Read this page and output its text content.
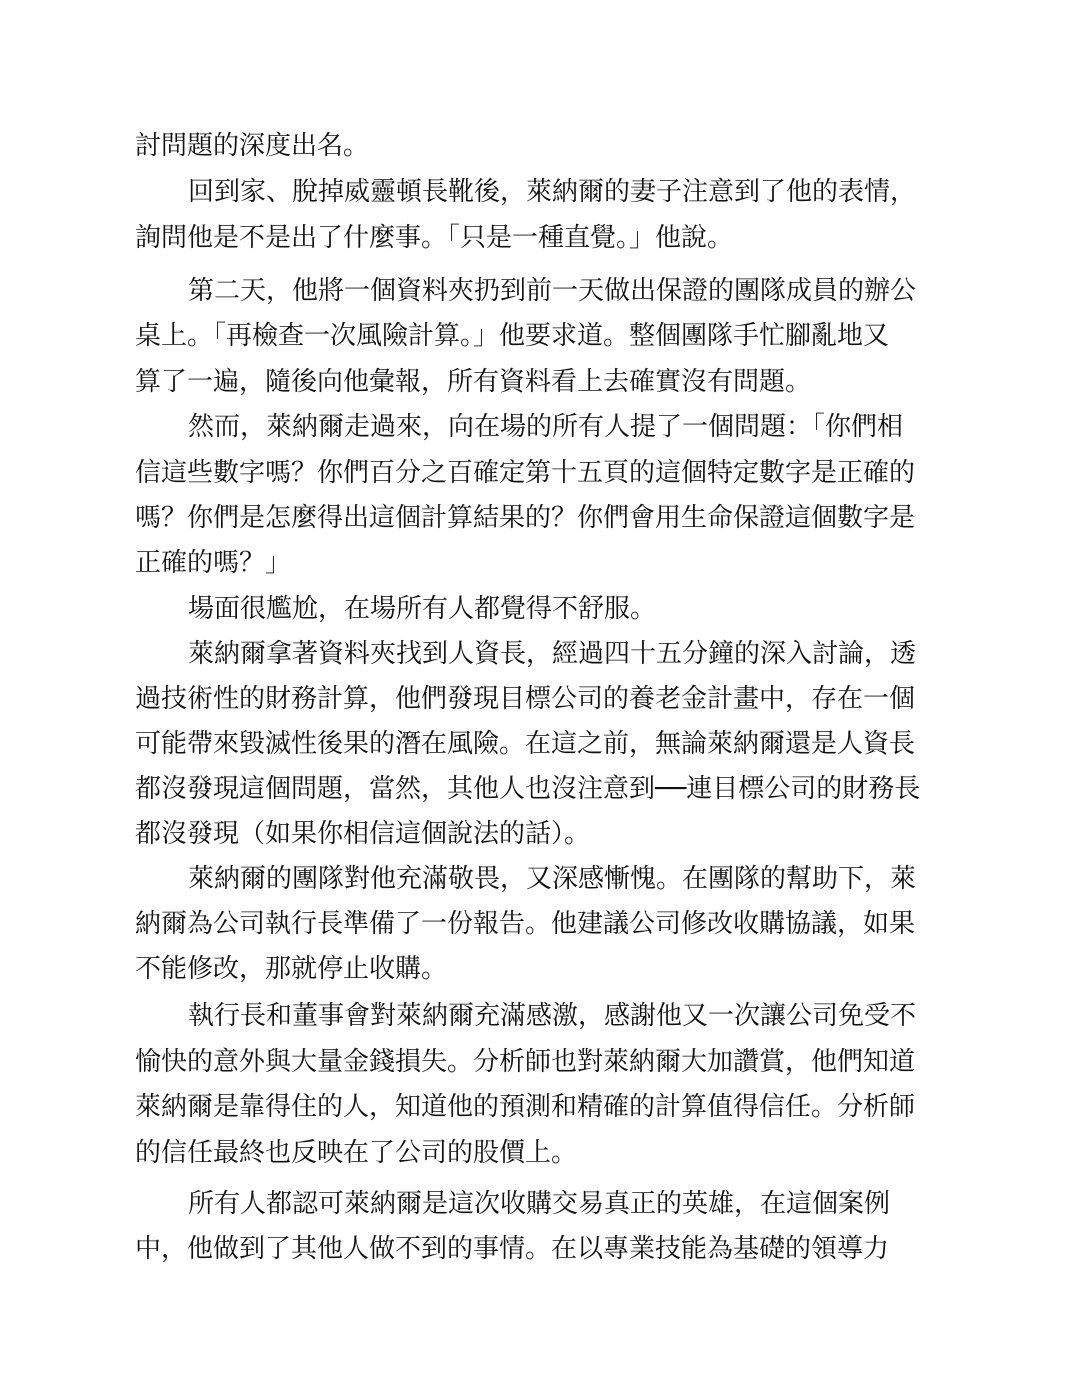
討問題的深度出名。
回到家、脫掉威靈頓長靴後，萊納爾的妻子注意到了他的表情，
詢問他是不是出了什麼事。「只是一種直覺。」他說。
第二天，他將一個資料夾扔到前一天做出保證的團隊成員的辦公
桌上。「再檢查一次風險計算。」他要求道。整個團隊手忙腳亂地又
算了一遍，隨後向他彙報，所有資料看上去確實沒有問題。
然而，萊納爾走過來，向在場的所有人提了一個問題：「你們相
信這些數字嗎？你們百分之百確定第十五頁的這個特定數字是正確的
嗎？你們是怎麼得出這個計算結果的？你們會用生命保證這個數字是
正確的嗎？」
場面很尷尬，在場所有人都覺得不舒服。
萊納爾拿著資料夾找到人資長，經過四十五分鐘的深入討論，透
過技術性的財務計算，他們發現目標公司的養老金計畫中，存在一個
可能帶來毀滅性後果的潛在風險。在這之前，無論萊納爾還是人資長
都沒發現這個問題，當然，其他人也沒注意到──連目標公司的財務長
都沒發現（如果你相信這個說法的話）。
萊納爾的團隊對他充滿敬畏，又深感慚愧。在團隊的幫助下，萊
納爾為公司執行長準備了一份報告。他建議公司修改收購協議，如果
不能修改，那就停止收購。
執行長和董事會對萊納爾充滿感激，感謝他又一次讓公司免受不
愉快的意外與大量金錢損失。分析師也對萊納爾大加讚賞，他們知道
萊納爾是靠得住的人，知道他的預測和精確的計算值得信任。分析師
的信任最終也反映在了公司的股價上。
所有人都認可萊納爾是這次收購交易真正的英雄，在這個案例
中，他做到了其他人做不到的事情。在以專業技能為基礎的領導力
